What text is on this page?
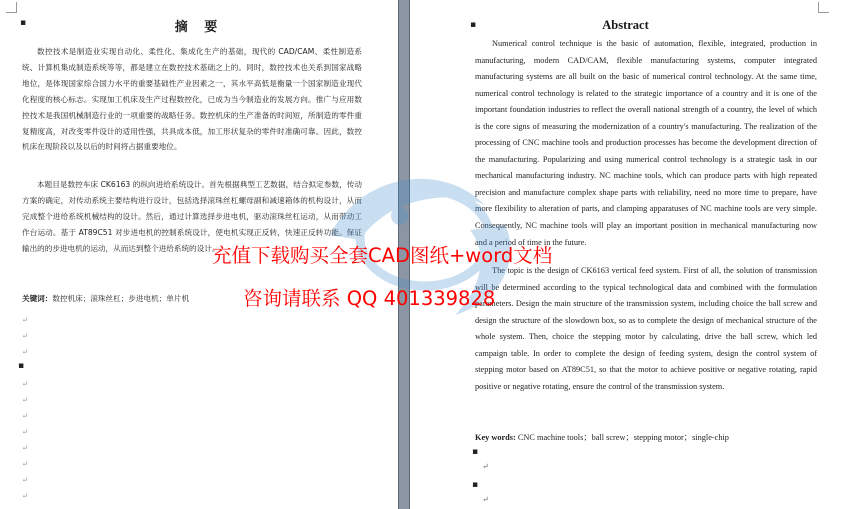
▪	摘 要

数控技术是制造业实现自动化、柔性化、集成化生产的基础，现代的 CAD/CAM、柔性制造系统、计算机集成制造系统等等，都是建立在数控技术基础之上的。同时，数控技术也关系到国家战略地位，是体现国家综合国力水平的重要基础性产业因素之一，其水平高低是衡量一个国家制造业现代化程度的核心标志。实现加工机床及生产过程数控化，已成为当今制造业的发展方向。推广与应用数控技术是我国机械制造行业的一项重要的战略任务。数控机床的生产准备的时间短，所制造的零件重复精度高，对改变零件设计的适用性强，共具成本低，加工形状复杂的零件时准确可靠。因此，数控机床在现阶段以及以后的时间将占据重要地位。

本题目是数控车床 CK6163 的纵向进给系统设计。首先根据典型工艺数据，结合拟定参数，传动方案的确定，对传动系统主要结构进行设计，包括选择滚珠丝杠螺母副和减速箱体的机构设计，从而完成整个进给系统机械结构的设计。然后，通过计算选择步进电机，驱动滚珠丝杠运动，从而带动工作台运动。基于 AT89C51 对步进电机的控制系统设计，使电机实现正反转，快速正反转功能。保证输出的的步进电机的运动，从而达到整个进给系统的设计。

关键词：数控机床；滚珠丝杠；步进电机；单片机
↵
↵
↵
▪
↵
↵
↵
↵
↵
↵
↵
↵
▪	Abstract

Numerical control technique is the basic of automation, flexible, integrated, production in manufacturing, modern CAD/CAM, flexible manufacturing systems, computer integrated manufacturing systems are all built on the basic of numerical control technology. At the same time, numerical control technology is related to the strategic importance of a country and it is one of the important foundation industries to reflect the overall national strength of a country, the level of which is the core signs of measuring the modernization of a country's manufacturing. The realization of the processing of CNC machine tools and production processes has become the development direction of the manufacturing. Popularizing and using numerical control technology is a strategic task in our mechanical manufacturing industry. NC machine tools, which can produce parts with high repeated precision and manufacture complex shape parts with reliability, need no more time to prepare, have more flexibility to alteration of parts, and clamping apparatuses of NC machine tools are very simple. Consequently, NC machine tools will play an important position in mechanical manufacturing now and a period of time in the future.

The topic is the design of CK6163 vertical feed system. First of all, the solution of transmission will be determined according to the typical technological data and combined with the formulation parameters. Design the main structure of the transmission system, including choice the ball screw and design the structure of the slowdown box, so as to complete the design of mechanical structure of the whole system. Then, choice the stepping motor by calculating, drive the ball screw, which led campaign table. In order to complete the design of feeding system, design the control system of stepping motor based on AT89C51, so that the motor to achieve positive or negative rotating, rapid positive or negative rotating, ensure the control of the transmission system.

Key words: CNC machine tools；ball screw；stepping motor；single-chip
▪
↵
▪
↵
充值下载购买全套CAD图纸+word文档
咨询请联系 QQ 401339828
